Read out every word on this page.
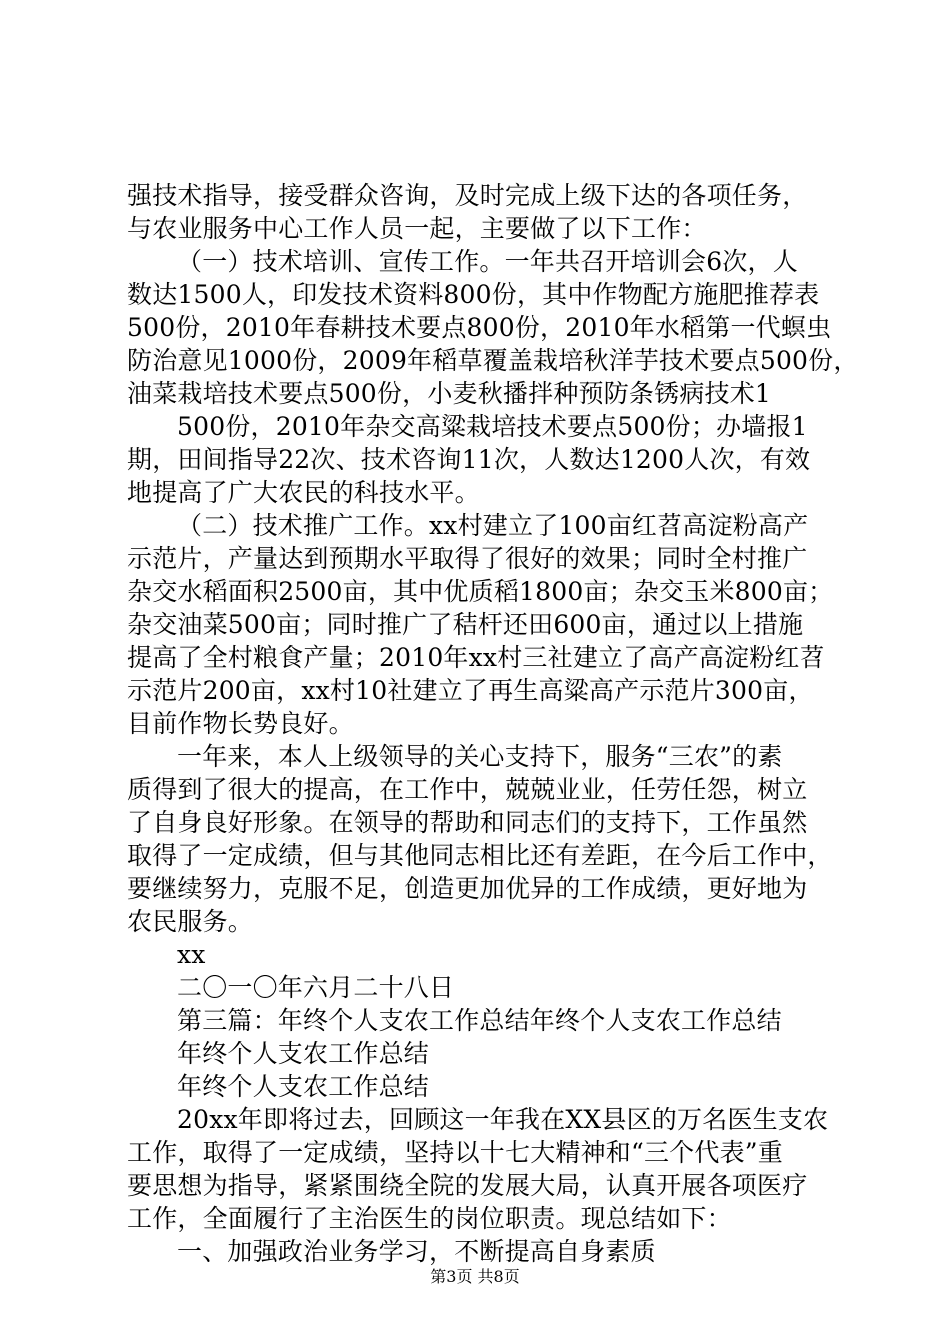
强技术指导，接受群众咨询，及时完成上级下达的各项任务，
与农业服务中心工作人员一起，主要做了以下工作：
（一）技术培训、宣传工作。一年共召开培训会6次，人
数达1500人，印发技术资料800份，其中作物配方施肥推荐表
500份，2010年春耕技术要点800份，2010年水稻第一代螟虫
防治意见1000份，2009年稻草覆盖栽培秋洋芋技术要点500份，
油菜栽培技术要点500份，小麦秋播拌种预防条锈病技术1
500份，2010年杂交高粱栽培技术要点500份；办墙报1
期，田间指导22次、技术咨询11次，人数达1200人次，有效
地提高了广大农民的科技水平。
（二）技术推广工作。xx村建立了100亩红苕高淀粉高产
示范片，产量达到预期水平取得了很好的效果；同时全村推广
杂交水稻面积2500亩，其中优质稻1800亩；杂交玉米800亩；
杂交油菜500亩；同时推广了秸杆还田600亩，通过以上措施
提高了全村粮食产量；2010年xx村三社建立了高产高淀粉红苕
示范片200亩，xx村10社建立了再生高粱高产示范片300亩，
目前作物长势良好。
一年来，本人上级领导的关心支持下，服务“三农”的素
质得到了很大的提高，在工作中，兢兢业业，任劳任怨，树立
了自身良好形象。在领导的帮助和同志们的支持下，工作虽然
取得了一定成绩，但与其他同志相比还有差距，在今后工作中，
要继续努力，克服不足，创造更加优异的工作成绩，更好地为
农民服务。
xx
二〇一〇年六月二十八日
第三篇：年终个人支农工作总结年终个人支农工作总结
年终个人支农工作总结
年终个人支农工作总结
20xx年即将过去，回顾这一年我在XX县区的万名医生支农
工作，取得了一定成绩，坚持以十七大精神和“三个代表”重
要思想为指导，紧紧围绕全院的发展大局，认真开展各项医疗
工作，全面履行了主治医生的岗位职责。现总结如下：
一、加强政治业务学习，不断提高自身素质
第3页 共8页
